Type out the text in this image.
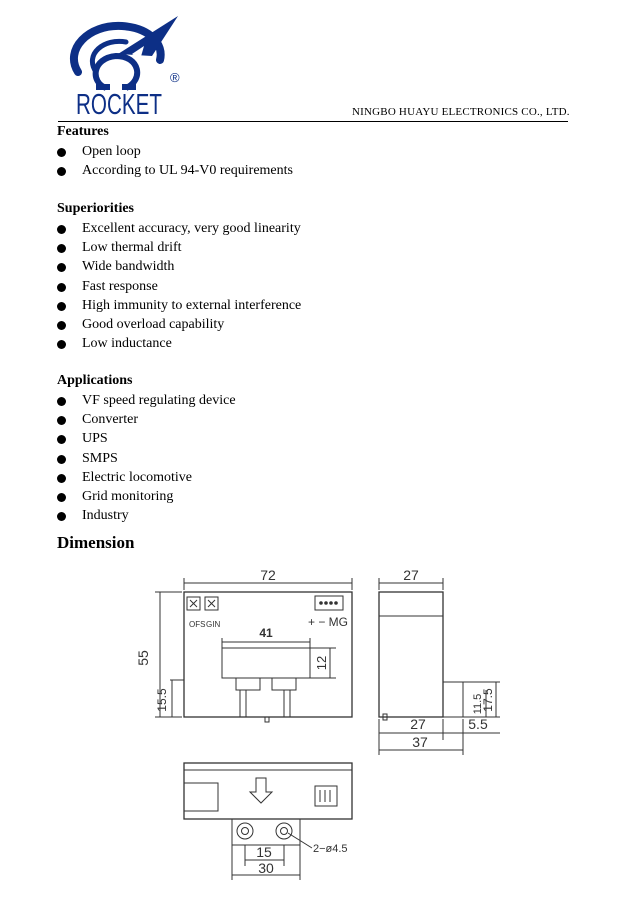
ROCKET
®
NINGBO HUAYU ELECTRONICS CO., LTD.
Features
Open loop
According to UL 94-V0 requirements
Superiorities
Excellent accuracy, very good linearity
Low thermal drift
Wide bandwidth
Fast response
High immunity to external interference
Good overload capability
Low inductance
Applications
VF speed regulating device
Converter
UPS
SMPS
Electric locomotive
Grid monitoring
Industry
Dimension
72
55
15.5
41
12
OFS GIN	+ − MG
27
11.5
17.5
27	5.5
37
15
30
2−ø4.5
